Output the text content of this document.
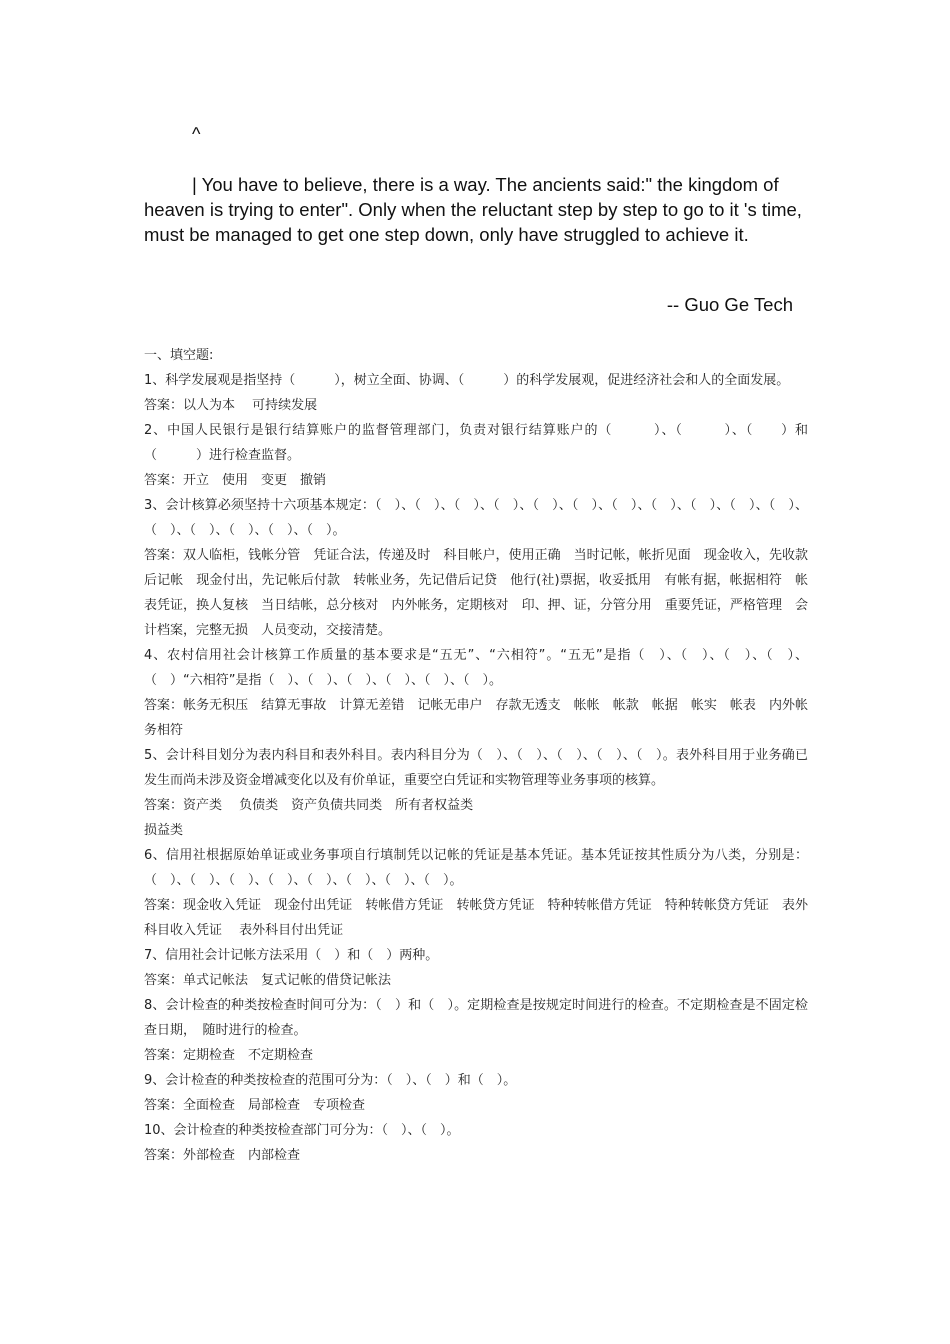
^
| You have to believe, there is a way. The ancients said:" the kingdom of heaven is trying to enter". Only when the reluctant step by step to go to it 's time, must be managed to get one step down, only have struggled to achieve it.
-- Guo Ge Tech

一、填空题:

1、科学发展观是指坚持（　　　），树立全面、协调、（　　　）的科学发展观，促进经济社会和人的全面发展。

答案：以人为本　 可持续发展

2、中国人民银行是银行结算账户的监督管理部门，负责对银行结算账户的（　　　）、（　　　）、（　　）和（　　　）进行检查监督。

答案：开立　使用　变更　撤销

3、会计核算必须坚持十六项基本规定：（　）、（　）、（　）、（　）、（　）、（　）、（　）、（　）、（　）、（　）、（　）、（　）、（　）、（　）、（　）、（　）。

答案：双人临柜，钱帐分管　凭证合法，传递及时　科目帐户，使用正确　当时记帐，帐折见面　现金收入，先收款后记帐　现金付出，先记帐后付款　转帐业务，先记借后记贷　他行(社)票据，收妥抵用　有帐有据，帐据相符　帐表凭证，换人复核　当日结帐，总分核对　内外帐务，定期核对　印、押、证，分管分用　重要凭证，严格管理　会计档案，完整无损　人员变动，交接清楚。

4、农村信用社会计核算工作质量的基本要求是“五无”、“六相符”。“五无”是指（　）、（　）、（　）、（　）、（　）“六相符”是指（　）、（　）、（　）、（　）、（　）、（　）。

答案：帐务无积压　结算无事故　计算无差错　记帐无串户　存款无透支　帐帐　帐款　帐据　帐实　帐表　内外帐务相符

5、会计科目划分为表内科目和表外科目。表内科目分为（　）、（　）、（　）、（　）、（　）。表外科目用于业务确已发生而尚未涉及资金增减变化以及有价单证，重要空白凭证和实物管理等业务事项的核算。

答案：资产类　 负债类　资产负债共同类　所有者权益类

损益类

6、信用社根据原始单证或业务事项自行填制凭以记帐的凭证是基本凭证。基本凭证按其性质分为八类，分别是：（　）、（　）、（　）、（　）、（　）、（　）、（　）、（　）。

答案：现金收入凭证　现金付出凭证　转帐借方凭证　转帐贷方凭证　特种转帐借方凭证　特种转帐贷方凭证　表外科目收入凭证　 表外科目付出凭证

7、信用社会计记帐方法采用（　）和（　）两种。

答案：单式记帐法　复式记帐的借贷记帐法

8、会计检查的种类按检查时间可分为：（　）和（　）。定期检查是按规定时间进行的检查。不定期检查是不固定检查日期，　随时进行的检查。

答案：定期检查　不定期检查

9、会计检查的种类按检查的范围可分为：（　）、（　）和（　）。

答案：全面检查　局部检查　专项检查

10、会计检查的种类按检查部门可分为：（　）、（　）。

答案：外部检查　内部检查
